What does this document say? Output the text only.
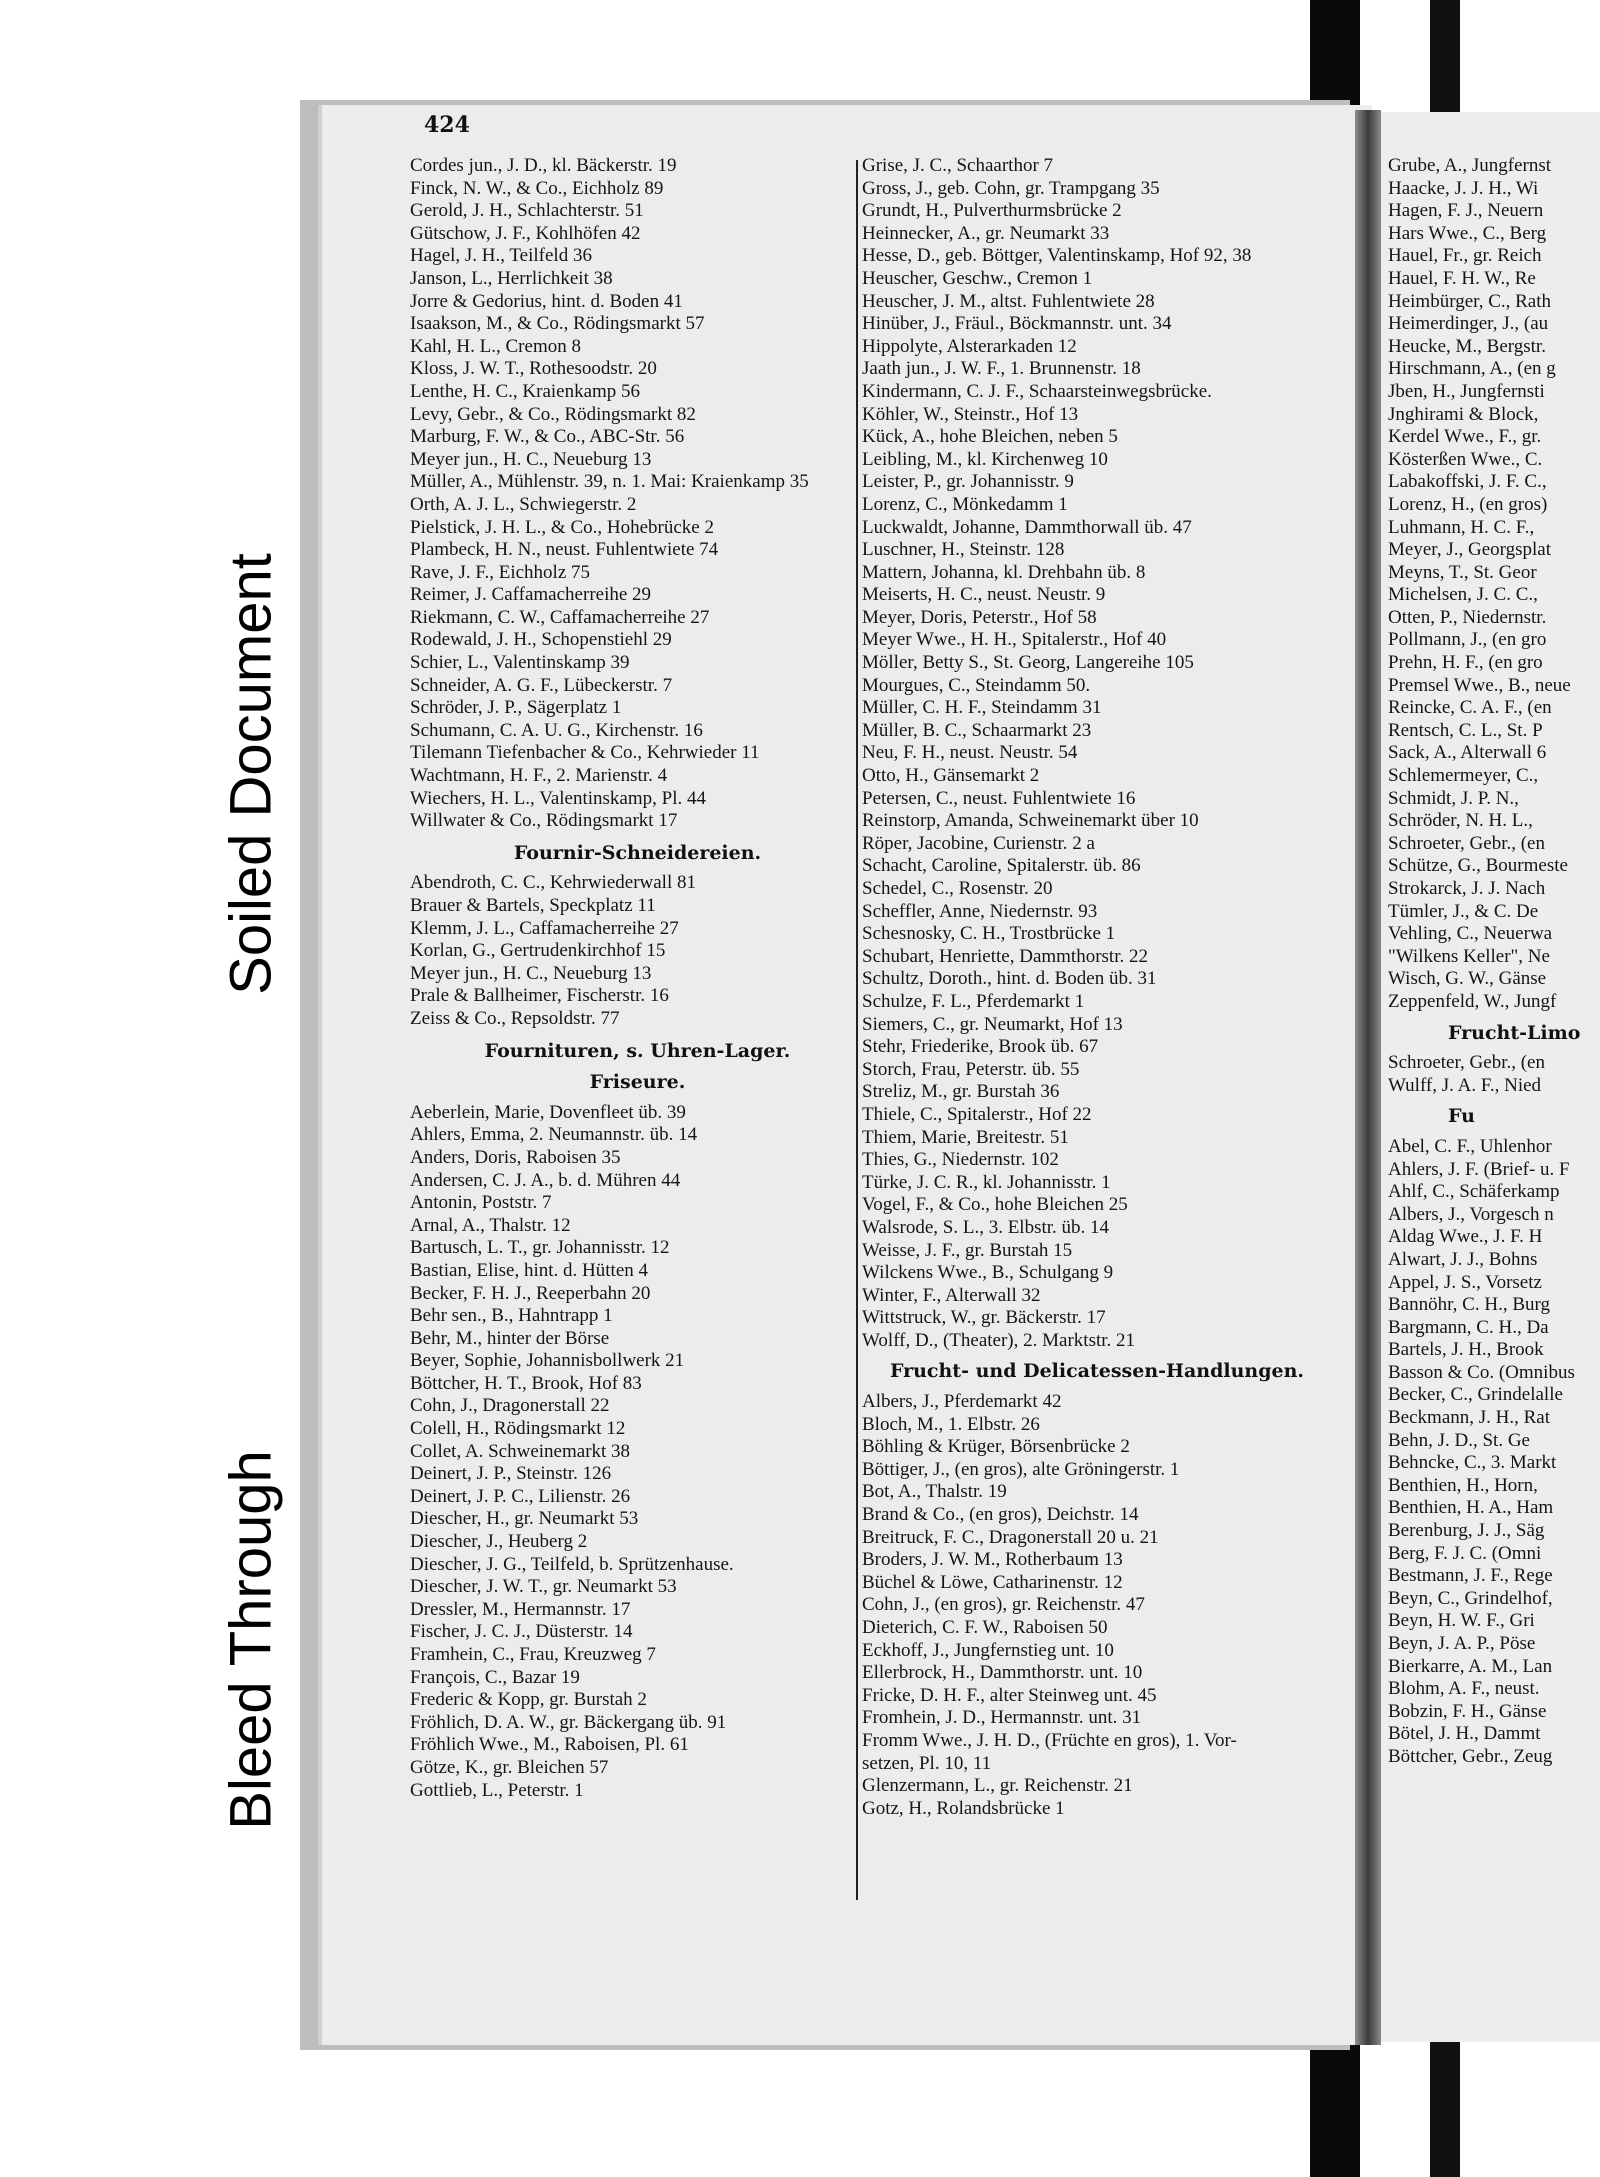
424
Cordes jun., J. D., kl. Bäckerstr. 19
Finck, N. W., & Co., Eichholz 89
Gerold, J. H., Schlachterstr. 51
Gütschow, J. F., Kohlhöfen 42
Hagel, J. H., Teilfeld 36
Janson, L., Herrlichkeit 38
Jorre & Gedorius, hint. d. Boden 41
Isaakson, M., & Co., Rödingsmarkt 57
Kahl, H. L., Cremon 8
Kloss, J. W. T., Rothesoodstr. 20
Lenthe, H. C., Kraienkamp 56
Levy, Gebr., & Co., Rödingsmarkt 82
Marburg, F. W., & Co., ABC-Str. 56
Meyer jun., H. C., Neueburg 13
Müller, A., Mühlenstr. 39, n. 1. Mai: Kraienkamp 35
Orth, A. J. L., Schwiegerstr. 2
Pielstick, J. H. L., & Co., Hohebrücke 2
Plambeck, H. N., neust. Fuhlentwiete 74
Rave, J. F., Eichholz 75
Reimer, J. Caffamacherreihe 29
Riekmann, C. W., Caffamacherreihe 27
Rodewald, J. H., Schopenstiehl 29
Schier, L., Valentinskamp 39
Schneider, A. G. F., Lübeckerstr. 7
Schröder, J. P., Sägerplatz 1
Schumann, C. A. U. G., Kirchenstr. 16
Tilemann Tiefenbacher & Co., Kehrwieder 11
Wachtmann, H. F., 2. Marienstr. 4
Wiechers, H. L., Valentinskamp, Pl. 44
Willwater & Co., Rödingsmarkt 17
Fournir-Schneidereien.
Abendroth, C. C., Kehrwiederwall 81
Brauer & Bartels, Speckplatz 11
Klemm, J. L., Caffamacherreihe 27
Korlan, G., Gertrudenkirchhof 15
Meyer jun., H. C., Neueburg 13
Prale & Ballheimer, Fischerstr. 16
Zeiss & Co., Repsoldstr. 77
Fournituren, s. Uhren-Lager.
Friseure.
Aeberlein, Marie, Dovenfleet üb. 39
Ahlers, Emma, 2. Neumannstr. üb. 14
Anders, Doris, Raboisen 35
Andersen, C. J. A., b. d. Mühren 44
Antonin, Poststr. 7
Arnal, A., Thalstr. 12
Bartusch, L. T., gr. Johannisstr. 12
Bastian, Elise, hint. d. Hütten 4
Becker, F. H. J., Reeperbahn 20
Behr sen., B., Hahntrapp 1
Behr, M., hinter der Börse
Beyer, Sophie, Johannisbollwerk 21
Böttcher, H. T., Brook, Hof 83
Cohn, J., Dragonerstall 22
Colell, H., Rödingsmarkt 12
Collet, A. Schweinemarkt 38
Deinert, J. P., Steinstr. 126
Deinert, J. P. C., Lilienstr. 26
Diescher, H., gr. Neumarkt 53
Diescher, J., Heuberg 2
Diescher, J. G., Teilfeld, b. Sprützenhause.
Diescher, J. W. T., gr. Neumarkt 53
Dressler, M., Hermannstr. 17
Fischer, J. C. J., Düsterstr. 14
Framhein, C., Frau, Kreuzweg 7
François, C., Bazar 19
Frederic & Kopp, gr. Burstah 2
Fröhlich, D. A. W., gr. Bäckergang üb. 91
Fröhlich Wwe., M., Raboisen, Pl. 61
Götze, K., gr. Bleichen 57
Gottlieb, L., Peterstr. 1
Grise, J. C., Schaarthor 7
Gross, J., geb. Cohn, gr. Trampgang 35
Grundt, H., Pulverthurmsbrücke 2
Heinnecker, A., gr. Neumarkt 33
Hesse, D., geb. Böttger, Valentinskamp, Hof 92, 38
Heuscher, Geschw., Cremon 1
Heuscher, J. M., altst. Fuhlentwiete 28
Hinüber, J., Fräul., Böckmannstr. unt. 34
Hippolyte, Alsterarkaden 12
Jaath jun., J. W. F., 1. Brunnenstr. 18
Kindermann, C. J. F., Schaarsteinwegsbrücke.
Köhler, W., Steinstr., Hof 13
Kück, A., hohe Bleichen, neben 5
Leibling, M., kl. Kirchenweg 10
Leister, P., gr. Johannisstr. 9
Lorenz, C., Mönkedamm 1
Luckwaldt, Johanne, Dammthorwall üb. 47
Luschner, H., Steinstr. 128
Mattern, Johanna, kl. Drehbahn üb. 8
Meiserts, H. C., neust. Neustr. 9
Meyer, Doris, Peterstr., Hof 58
Meyer Wwe., H. H., Spitalerstr., Hof 40
Möller, Betty S., St. Georg, Langereihe 105
Mourgues, C., Steindamm 50.
Müller, C. H. F., Steindamm 31
Müller, B. C., Schaarmarkt 23
Neu, F. H., neust. Neustr. 54
Otto, H., Gänsemarkt 2
Petersen, C., neust. Fuhlentwiete 16
Reinstorp, Amanda, Schweinemarkt über 10
Röper, Jacobine, Curienstr. 2 a
Schacht, Caroline, Spitalerstr. üb. 86
Schedel, C., Rosenstr. 20
Scheffler, Anne, Niedernstr. 93
Schesnosky, C. H., Trostbrücke 1
Schubart, Henriette, Dammthorstr. 22
Schultz, Doroth., hint. d. Boden üb. 31
Schulze, F. L., Pferdemarkt 1
Siemers, C., gr. Neumarkt, Hof 13
Stehr, Friederike, Brook üb. 67
Storch, Frau, Peterstr. üb. 55
Streliz, M., gr. Burstah 36
Thiele, C., Spitalerstr., Hof 22
Thiem, Marie, Breitestr. 51
Thies, G., Niedernstr. 102
Türke, J. C. R., kl. Johannisstr. 1
Vogel, F., & Co., hohe Bleichen 25
Walsrode, S. L., 3. Elbstr. üb. 14
Weisse, J. F., gr. Burstah 15
Wilckens Wwe., B., Schulgang 9
Winter, F., Alterwall 32
Wittstruck, W., gr. Bäckerstr. 17
Wolff, D., (Theater), 2. Marktstr. 21
Frucht- und Delicatessen-Handlungen.
Albers, J., Pferdemarkt 42
Bloch, M., 1. Elbstr. 26
Böhling & Krüger, Börsenbrücke 2
Böttiger, J., (en gros), alte Gröningerstr. 1
Bot, A., Thalstr. 19
Brand & Co., (en gros), Deichstr. 14
Breitruck, F. C., Dragonerstall 20 u. 21
Broders, J. W. M., Rotherbaum 13
Büchel & Löwe, Catharinenstr. 12
Cohn, J., (en gros), gr. Reichenstr. 47
Dieterich, C. F. W., Raboisen 50
Eckhoff, J., Jungfernstieg unt. 10
Ellerbrock, H., Dammthorstr. unt. 10
Fricke, D. H. F., alter Steinweg unt. 45
Fromhein, J. D., Hermannstr. unt. 31
Fromm Wwe., J. H. D., (Früchte en gros), 1. Vor-
setzen, Pl. 10, 11
Glenzermann, L., gr. Reichenstr. 21
Gotz, H., Rolandsbrücke 1
Grube, A., Jungfernst
Haacke, J. J. H., Wi
Hagen, F. J., Neuern
Hars Wwe., C., Berg
Hauel, Fr., gr. Reich
Hauel, F. H. W., Re
Heimbürger, C., Rath
Heimerdinger, J., (au
Heucke, M., Bergstr.
Hirschmann, A., (en g
Jben, H., Jungfernsti
Jnghirami & Block,
Kerdel Wwe., F., gr.
Kösterßen Wwe., C.
Labakoffski, J. F. C.,
Lorenz, H., (en gros)
Luhmann, H. C. F.,
Meyer, J., Georgsplat
Meyns, T., St. Geor
Michelsen, J. C. C.,
Otten, P., Niedernstr.
Pollmann, J., (en gro
Prehn, H. F., (en gro
Premsel Wwe., B., neue
Reincke, C. A. F., (en
Rentsch, C. L., St. P
Sack, A., Alterwall 6
Schlemermeyer, C.,
Schmidt, J. P. N.,
Schröder, N. H. L.,
Schroeter, Gebr., (en
Schütze, G., Bourmeste
Strokarck, J. J. Nach
Tümler, J., & C. De
Vehling, C., Neuerwa
"Wilkens Keller", Ne
Wisch, G. W., Gänse
Zeppenfeld, W., Jungf
Frucht-Limo
Schroeter, Gebr., (en
Wulff, J. A. F., Nied
Fu
Abel, C. F., Uhlenhor
Ahlers, J. F. (Brief- u. F
Ahlf, C., Schäferkamp
Albers, J., Vorgesch n
Aldag Wwe., J. F. H
Alwart, J. J., Bohns
Appel, J. S., Vorsetz
Bannöhr, C. H., Burg
Bargmann, C. H., Da
Bartels, J. H., Brook
Basson & Co. (Omnibus
Becker, C., Grindelalle
Beckmann, J. H., Rat
Behn, J. D., St. Ge
Behncke, C., 3. Markt
Benthien, H., Horn,
Benthien, H. A., Ham
Berenburg, J. J., Säg
Berg, F. J. C. (Omni
Bestmann, J. F., Rege
Beyn, C., Grindelhof,
Beyn, H. W. F., Gri
Beyn, J. A. P., Pöse
Bierkarre, A. M., Lan
Blohm, A. F., neust.
Bobzin, F. H., Gänse
Bötel, J. H., Dammt
Böttcher, Gebr., Zeug
Soiled Document
Bleed Through
